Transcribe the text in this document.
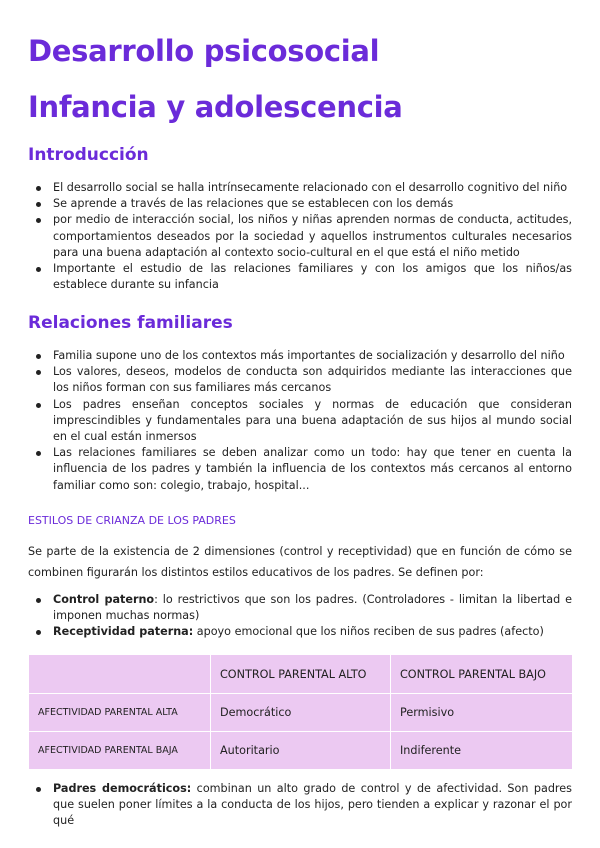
Desarrollo psicosocial
Infancia y adolescencia
Introducción
El desarrollo social se halla intrínsecamente relacionado con el desarrollo cognitivo del niño
Se aprende a través de las relaciones que se establecen con los demás
por medio de interacción social, los niños y niñas aprenden normas de conducta, actitudes, comportamientos deseados por la sociedad y aquellos instrumentos culturales necesarios para una buena adaptación al contexto socio-cultural en el que está el niño metido
Importante el estudio de las relaciones familiares y con los amigos que los niños/as establece durante su infancia
Relaciones familiares
Familia supone uno de los contextos más importantes de socialización y desarrollo del niño
Los valores, deseos, modelos de conducta son adquiridos mediante las interacciones que los niños forman con sus familiares más cercanos
Los padres enseñan conceptos sociales y normas de educación que consideran imprescindibles y fundamentales para una buena adaptación de sus hijos al mundo social en el cual están inmersos
Las relaciones familiares se deben analizar como un todo: hay que tener en cuenta la influencia de los padres y también la influencia de los contextos más cercanos al entorno familiar como son: colegio, trabajo, hospital...
ESTILOS DE CRIANZA DE LOS PADRES

Se parte de la existencia de 2 dimensiones (control y receptividad) que en función de cómo se combinen figurarán los distintos estilos educativos de los padres. Se definen por:

Control paterno: lo restrictivos que son los padres. (Controladores - limitan la libertad e imponen muchas normas)
Receptividad paterna: apoyo emocional que los niños reciben de sus padres (afecto)
	CONTROL PARENTAL ALTO	CONTROL PARENTAL BAJO
AFECTIVIDAD PARENTAL ALTA	Democrático	Permisivo
AFECTIVIDAD PARENTAL BAJA	Autoritario	Indiferente
Padres democráticos: combinan un alto grado de control y de afectividad. Son padres que suelen poner límites a la conducta de los hijos, pero tienden a explicar y razonar el por qué
